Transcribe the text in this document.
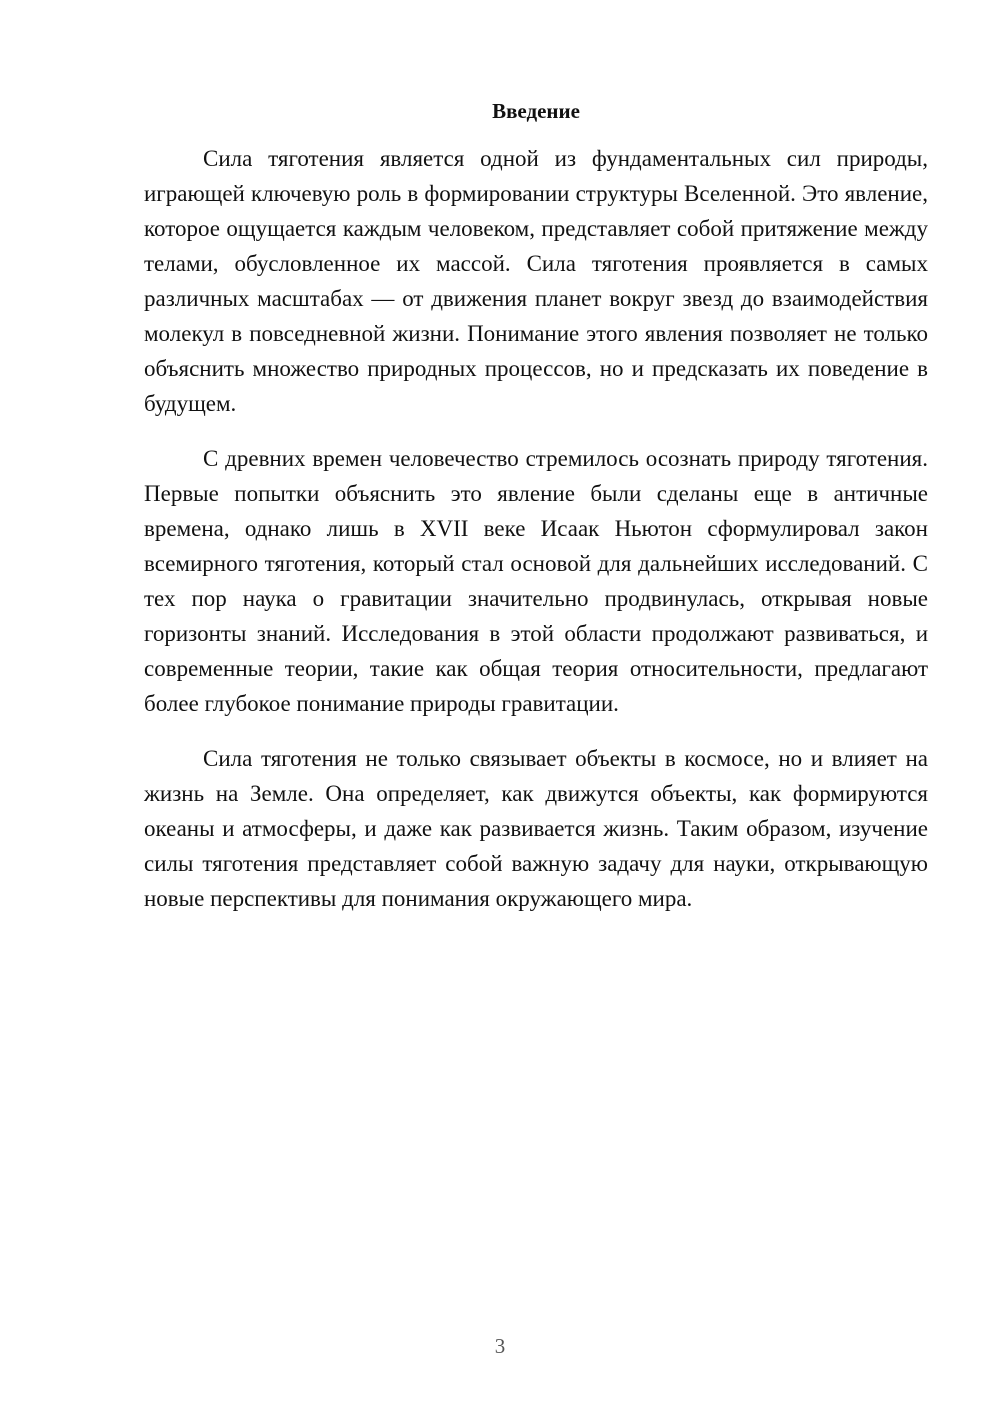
Введение

Сила тяготения является одной из фундаментальных сил природы, играющей ключевую роль в формировании структуры Вселенной. Это явление, которое ощущается каждым человеком, представляет собой притяжение между телами, обусловленное их массой. Сила тяготения проявляется в самых различных масштабах — от движения планет вокруг звезд до взаимодействия молекул в повседневной жизни. Понимание этого явления позволяет не только объяснить множество природных процессов, но и предсказать их поведение в будущем.

С древних времен человечество стремилось осознать природу тяготения. Первые попытки объяснить это явление были сделаны еще в античные времена, однако лишь в XVII веке Исаак Ньютон сформулировал закон всемирного тяготения, который стал основой для дальнейших исследований. С тех пор наука о гравитации значительно продвинулась, открывая новые горизонты знаний. Исследования в этой области продолжают развиваться, и современные теории, такие как общая теория относительности, предлагают более глубокое понимание природы гравитации.

Сила тяготения не только связывает объекты в космосе, но и влияет на жизнь на Земле. Она определяет, как движутся объекты, как формируются океаны и атмосферы, и даже как развивается жизнь. Таким образом, изучение силы тяготения представляет собой важную задачу для науки, открывающую новые перспективы для понимания окружающего мира.

3
